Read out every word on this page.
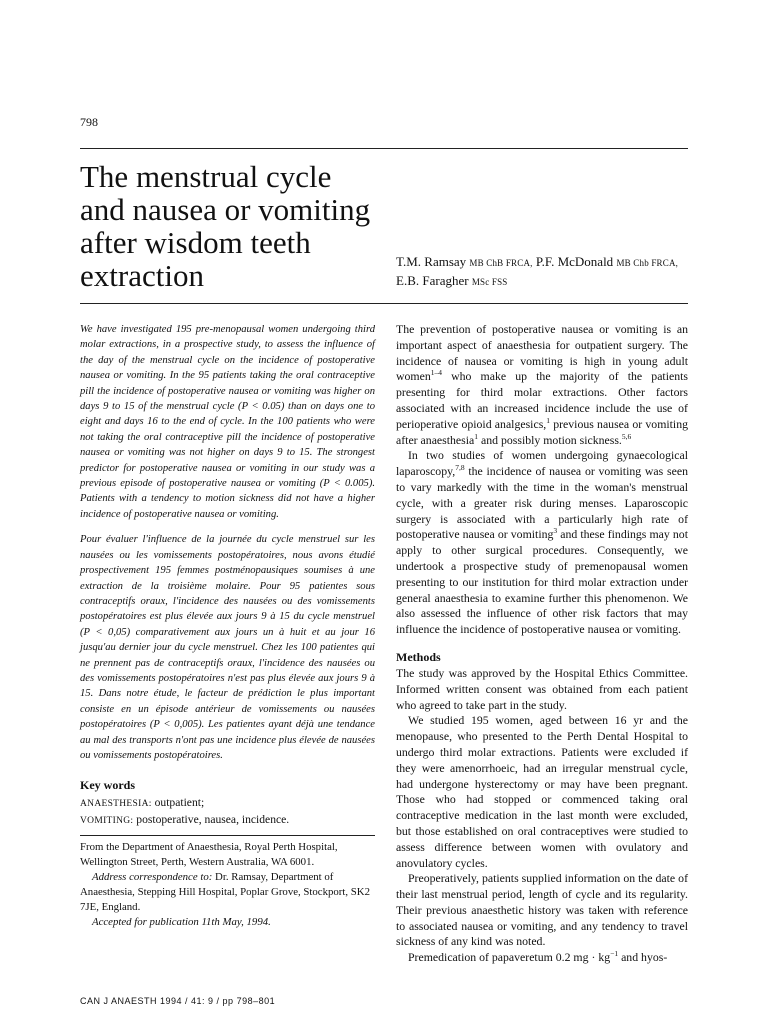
798
The menstrual cycle
and nausea or vomiting
after wisdom teeth
extraction	T.M. Ramsay MB ChB FRCA, P.F. McDonald MB Chb FRCA,
E.B. Faragher MSc FSS

We have investigated 195 pre-menopausal women undergoing third molar extractions, in a prospective study, to assess the influence of the day of the menstrual cycle on the incidence of postoperative nausea or vomiting. In the 95 patients taking the oral contraceptive pill the incidence of postoperative nausea or vomiting was higher on days 9 to 15 of the menstrual cycle (P < 0.05) than on days one to eight and days 16 to the end of cycle. In the 100 patients who were not taking the oral contraceptive pill the incidence of postoperative nausea or vomiting was not higher on days 9 to 15. The strongest predictor for postoperative nausea or vomiting in our study was a previous episode of postoperative nausea or vomiting (P < 0.005). Patients with a tendency to motion sickness did not have a higher incidence of postoperative nausea or vomiting.

Pour évaluer l'influence de la journée du cycle menstruel sur les nausées ou les vomissements postopératoires, nous avons étudié prospectivement 195 femmes postménopausiques soumises à une extraction de la troisième molaire. Pour 95 patientes sous contraceptifs oraux, l'incidence des nausées ou des vomissements postopératoires est plus élevée aux jours 9 à 15 du cycle menstruel (P < 0,05) comparativement aux jours un à huit et au jour 16 jusqu'au dernier jour du cycle menstruel. Chez les 100 patientes qui ne prennent pas de contraceptifs oraux, l'incidence des nausées ou des vomissements postopératoires n'est pas plus élevée aux jours 9 à 15. Dans notre étude, le facteur de prédiction le plus important consiste en un épisode antérieur de vomissements ou nausées postopératoires (P < 0,005). Les patientes ayant déjà une tendance au mal des transports n'ont pas une incidence plus élevée de nausées ou vomissements postopératoires.

Key words

ANAESTHESIA: outpatient;

VOMITING: postoperative, nausea, incidence.

From the Department of Anaesthesia, Royal Perth Hospital, Wellington Street, Perth, Western Australia, WA 6001.

Address correspondence to: Dr. Ramsay, Department of Anaesthesia, Stepping Hill Hospital, Poplar Grove, Stockport, SK2 7JE, England.

Accepted for publication 11th May, 1994.

The prevention of postoperative nausea or vomiting is an important aspect of anaesthesia for outpatient surgery. The incidence of nausea or vomiting is high in young adult women$^{1-4}$ who make up the majority of the patients presenting for third molar extractions. Other factors associated with an increased incidence include the use of perioperative opioid analgesics,$^1$ previous nausea or vomiting after anaesthesia$^1$ and possibly motion sickness.$^{5,6}$

In two studies of women undergoing gynaecological laparoscopy,$^{7,8}$ the incidence of nausea or vomiting was seen to vary markedly with the time in the woman's menstrual cycle, with a greater risk during menses. Laparoscopic surgery is associated with a particularly high rate of postoperative nausea or vomiting$^3$ and these findings may not apply to other surgical procedures. Consequently, we undertook a prospective study of premenopausal women presenting to our institution for third molar extraction under general anaesthesia to examine further this phenomenon. We also assessed the influence of other risk factors that may influence the incidence of postoperative nausea or vomiting.

Methods

The study was approved by the Hospital Ethics Committee. Informed written consent was obtained from each patient who agreed to take part in the study.

We studied 195 women, aged between 16 yr and the menopause, who presented to the Perth Dental Hospital to undergo third molar extractions. Patients were excluded if they were amenorrhoeic, had an irregular menstrual cycle, had undergone hysterectomy or may have been pregnant. Those who had stopped or commenced taking oral contraceptive medication in the last month were excluded, but those established on oral contraceptives were studied to assess difference between women with ovulatory and anovulatory cycles.

Preoperatively, patients supplied information on the date of their last menstrual period, length of cycle and its regularity. Their previous anaesthetic history was taken with reference to associated nausea or vomiting, and any tendency to travel sickness of any kind was noted.

Premedication of papaveretum 0.2 mg · $kg^{-1}$ and hyos-

CAN J ANAESTH 1994 / 41: 9 / pp 798–801
